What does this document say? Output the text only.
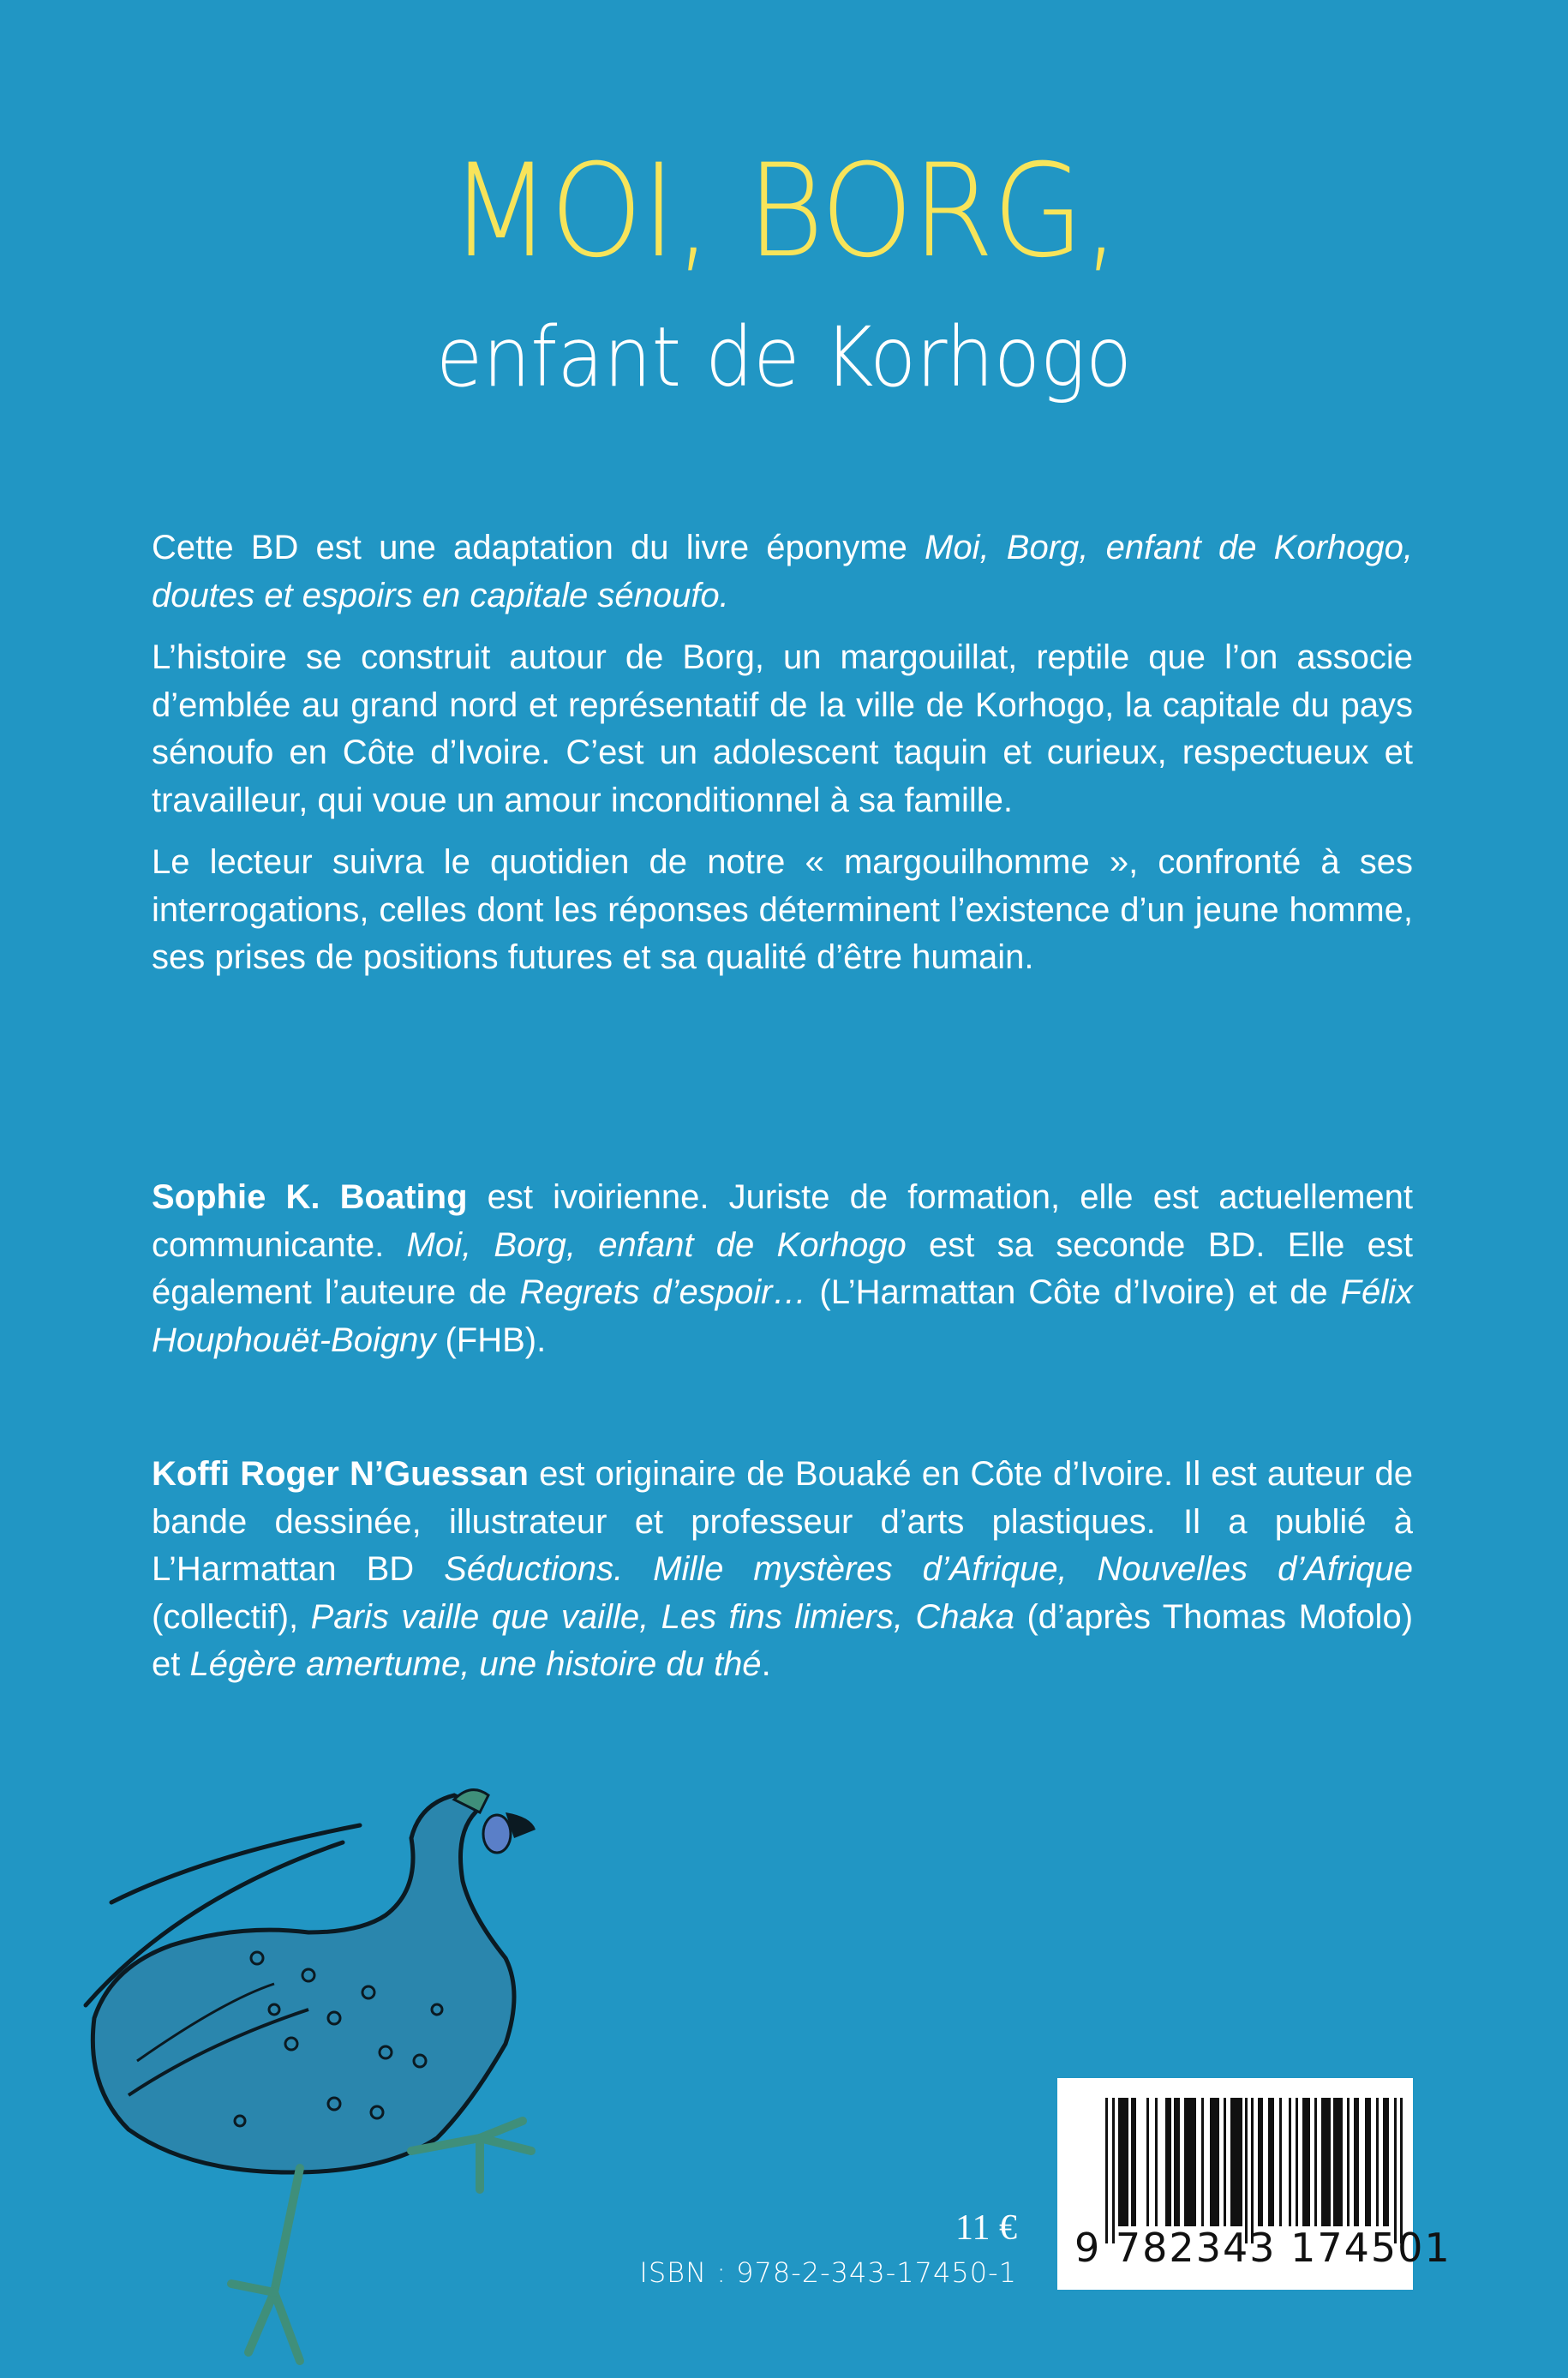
MOI, BORG,
enfant de Korhogo

Cette BD est une adaptation du livre éponyme Moi, Borg, enfant de Korhogo, doutes et espoirs en capitale sénoufo.

L’histoire se construit autour de Borg, un margouillat, reptile que l’on associe d’emblée au grand nord et représentatif de la ville de Korhogo, la capitale du pays sénoufo en Côte d’Ivoire. C’est un adolescent taquin et curieux, respectueux et travailleur, qui voue un amour inconditionnel à sa famille.

Le lecteur suivra le quotidien de notre « margouilhomme », confronté à ses interrogations, celles dont les réponses déterminent l’existence d’un jeune homme, ses prises de positions futures et sa qualité d’être humain.

Sophie K. Boating est ivoirienne. Juriste de formation, elle est actuellement communicante. Moi, Borg, enfant de Korhogo est sa seconde BD. Elle est également l’auteure de Regrets d’espoir… (L’Harmattan Côte d’Ivoire) et de Félix Houphouët-Boigny (FHB).

Koffi Roger N’Guessan est originaire de Bouaké en Côte d’Ivoire. Il est auteur de bande dessinée, illustrateur et professeur d’arts plastiques. Il a publié à L’Harmattan BD Séductions. Mille mystères d’Afrique, Nouvelles d’Afrique (collectif), Paris vaille que vaille, Les fins limiers, Chaka (d’après Thomas Mofolo) et Légère amertume, une histoire du thé.

11 €
ISBN : 978-2-343-17450-1
9 782343 174501
